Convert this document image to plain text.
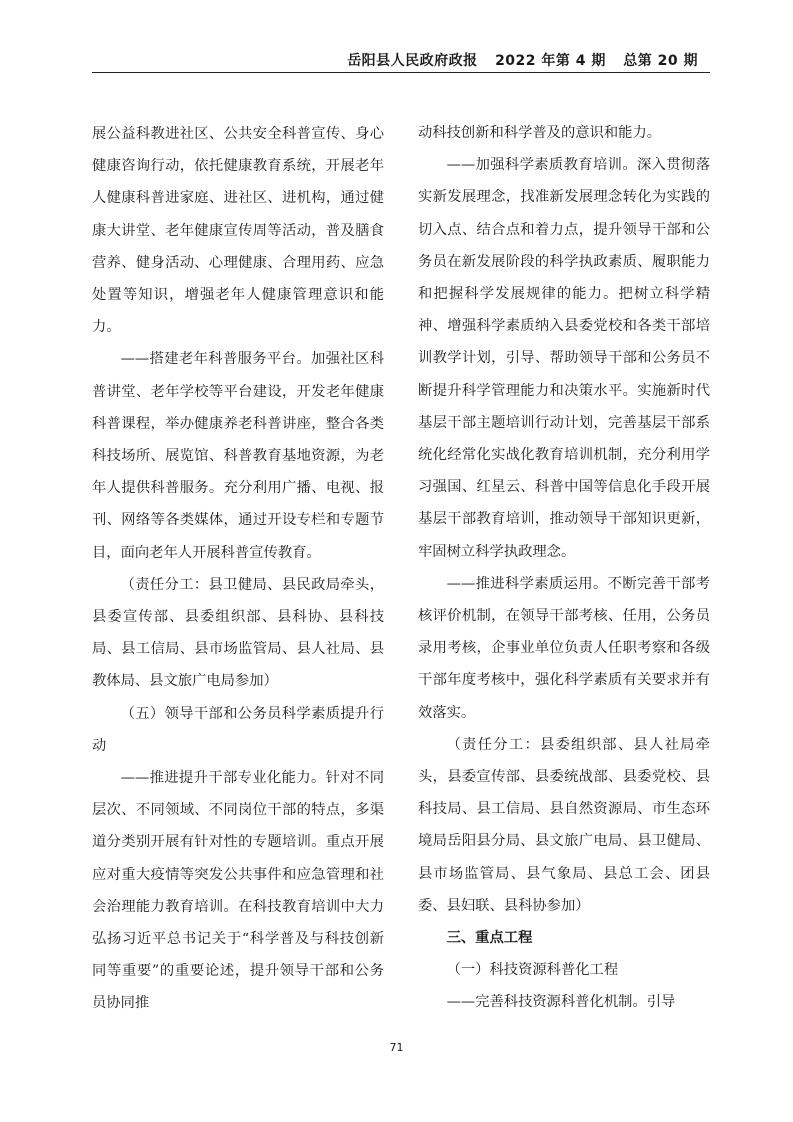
岳阳县人民政府政报 2022 年第 4 期 总第 20 期

展公益科教进社区、公共安全科普宣传、身心健康咨询行动，依托健康教育系统，开展老年人健康科普进家庭、进社区、进机构，通过健康大讲堂、老年健康宣传周等活动，普及膳食营养、健身活动、心理健康、合理用药、应急处置等知识，增强老年人健康管理意识和能力。

——搭建老年科普服务平台。加强社区科普讲堂、老年学校等平台建设，开发老年健康科普课程，举办健康养老科普讲座，整合各类科技场所、展览馆、科普教育基地资源，为老年人提供科普服务。充分利用广播、电视、报刊、网络等各类媒体，通过开设专栏和专题节目，面向老年人开展科普宣传教育。

（责任分工：县卫健局、县民政局牵头，县委宣传部、县委组织部、县科协、县科技局、县工信局、县市场监管局、县人社局、县教体局、县文旅广电局参加）

（五）领导干部和公务员科学素质提升行动

——推进提升干部专业化能力。针对不同层次、不同领域、不同岗位干部的特点，多渠道分类别开展有针对性的专题培训。重点开展应对重大疫情等突发公共事件和应急管理和社会治理能力教育培训。在科技教育培训中大力弘扬习近平总书记关于“科学普及与科技创新同等重要”的重要论述，提升领导干部和公务员协同推

动科技创新和科学普及的意识和能力。

——加强科学素质教育培训。深入贯彻落实新发展理念，找准新发展理念转化为实践的切入点、结合点和着力点，提升领导干部和公务员在新发展阶段的科学执政素质、履职能力和把握科学发展规律的能力。把树立科学精神、增强科学素质纳入县委党校和各类干部培训教学计划，引导、帮助领导干部和公务员不断提升科学管理能力和决策水平。实施新时代基层干部主题培训行动计划，完善基层干部系统化经常化实战化教育培训机制，充分利用学习强国、红星云、科普中国等信息化手段开展基层干部教育培训，推动领导干部知识更新，牢固树立科学执政理念。

——推进科学素质运用。不断完善干部考核评价机制，在领导干部考核、任用，公务员录用考核，企事业单位负责人任职考察和各级干部年度考核中，强化科学素质有关要求并有效落实。

（责任分工：县委组织部、县人社局牵头，县委宣传部、县委统战部、县委党校、县科技局、县工信局、县自然资源局、市生态环境局岳阳县分局、县文旅广电局、县卫健局、县市场监管局、县气象局、县总工会、团县委、县妇联、县科协参加）

三、重点工程

（一）科技资源科普化工程

——完善科技资源科普化机制。引导

71
